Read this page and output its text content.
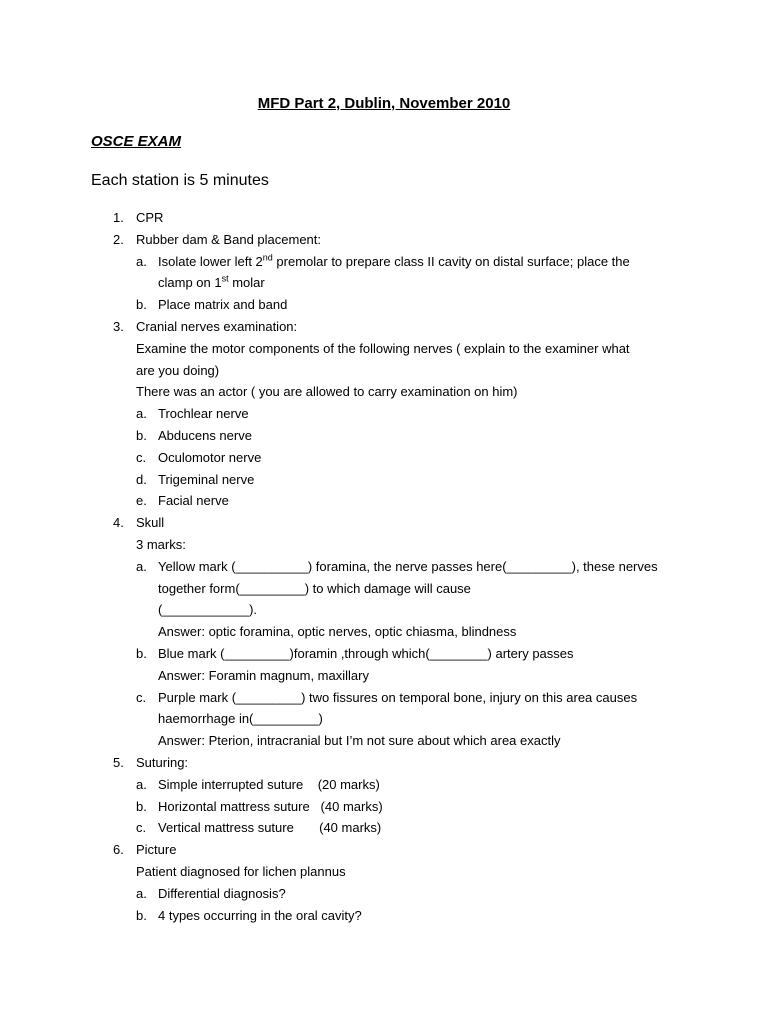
MFD Part 2, Dublin, November 2010
OSCE EXAM
Each station is 5 minutes
1. CPR
2. Rubber dam & Band placement:
a. Isolate lower left 2nd premolar to prepare class II cavity on distal surface; place the
clamp on 1st molar
b. Place matrix and band
3. Cranial nerves examination:
Examine the motor components of the following nerves ( explain to the examiner what
are you doing)
There was an actor ( you are allowed to carry examination on him)
a. Trochlear nerve
b. Abducens nerve
c. Oculomotor nerve
d. Trigeminal nerve
e. Facial nerve
4. Skull
3 marks:
a. Yellow mark (__________) foramina, the nerve passes here(_________), these nerves
together form(_________) to which damage will cause
(____________).
Answer: optic foramina, optic nerves, optic chiasma, blindness
b. Blue mark (_________)foramin ,through which(________) artery passes
Answer: Foramin magnum, maxillary
c. Purple mark (_________) two fissures on temporal bone, injury on this area causes
haemorrhage in(_________)
Answer: Pterion, intracranial but I’m not sure about which area exactly
5. Suturing:
a. Simple interrupted suture    (20 marks)
b. Horizontal mattress suture   (40 marks)
c. Vertical mattress suture       (40 marks)
6. Picture
Patient diagnosed for lichen plannus
a. Differential diagnosis?
b. 4 types occurring in the oral cavity?
